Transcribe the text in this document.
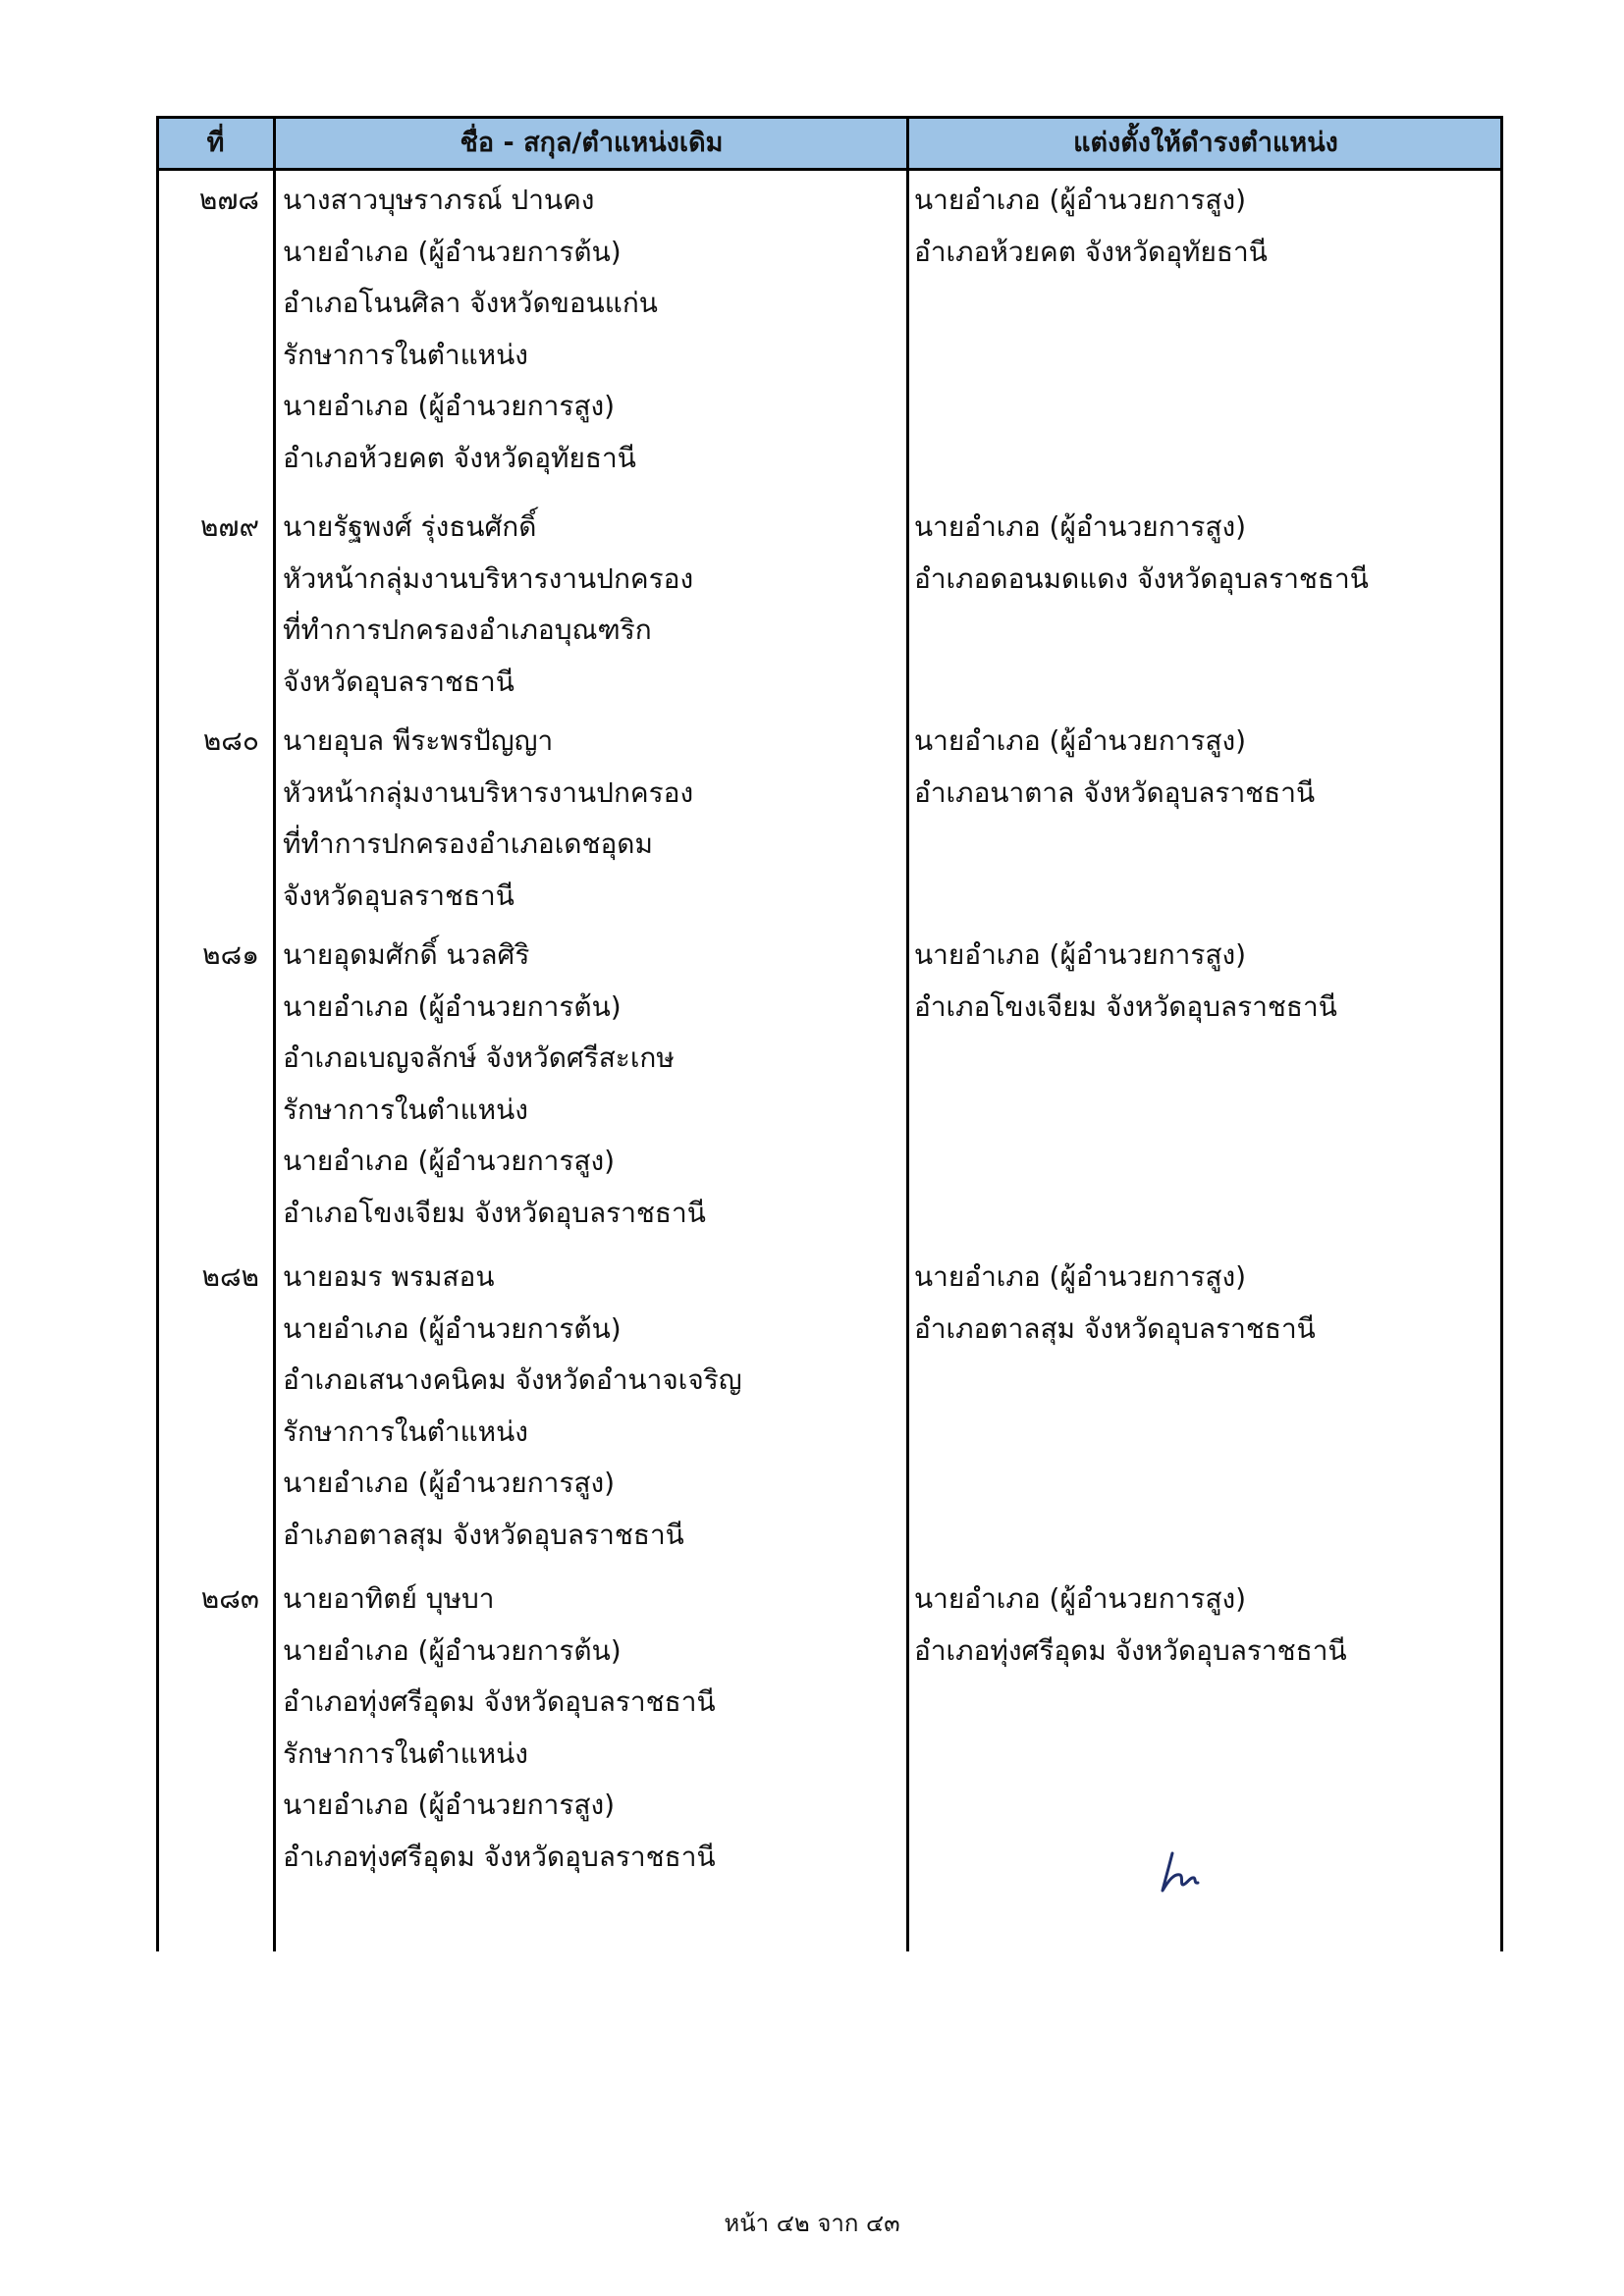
ที่	ชื่อ - สกุล/ตำแหน่งเดิม	แต่งตั้งให้ดำรงตำแหน่ง
๒๗๘ นางสาวบุษราภรณ์ ปานคง
นายอำเภอ (ผู้อำนวยการต้น)
อำเภอโนนศิลา จังหวัดขอนแก่น
รักษาการในตำแหน่ง
นายอำเภอ (ผู้อำนวยการสูง)
อำเภอห้วยคต จังหวัดอุทัยธานี
นายอำเภอ (ผู้อำนวยการสูง)
อำเภอห้วยคต จังหวัดอุทัยธานี
๒๗๙ นายรัฐพงศ์ รุ่งธนศักดิ์
หัวหน้ากลุ่มงานบริหารงานปกครอง
ที่ทำการปกครองอำเภอบุณฑริก
จังหวัดอุบลราชธานี
นายอำเภอ (ผู้อำนวยการสูง)
อำเภอดอนมดแดง จังหวัดอุบลราชธานี
๒๘๐ นายอุบล พีระพรปัญญา
หัวหน้ากลุ่มงานบริหารงานปกครอง
ที่ทำการปกครองอำเภอเดชอุดม
จังหวัดอุบลราชธานี
นายอำเภอ (ผู้อำนวยการสูง)
อำเภอนาตาล จังหวัดอุบลราชธานี
๒๘๑ นายอุดมศักดิ์ นวลศิริ
นายอำเภอ (ผู้อำนวยการต้น)
อำเภอเบญจลักษ์ จังหวัดศรีสะเกษ
รักษาการในตำแหน่ง
นายอำเภอ (ผู้อำนวยการสูง)
อำเภอโขงเจียม จังหวัดอุบลราชธานี
นายอำเภอ (ผู้อำนวยการสูง)
อำเภอโขงเจียม จังหวัดอุบลราชธานี
๒๘๒ นายอมร พรมสอน
นายอำเภอ (ผู้อำนวยการต้น)
อำเภอเสนางคนิคม จังหวัดอำนาจเจริญ
รักษาการในตำแหน่ง
นายอำเภอ (ผู้อำนวยการสูง)
อำเภอตาลสุม จังหวัดอุบลราชธานี
นายอำเภอ (ผู้อำนวยการสูง)
อำเภอตาลสุม จังหวัดอุบลราชธานี
๒๘๓ นายอาทิตย์ บุษบา
นายอำเภอ (ผู้อำนวยการต้น)
อำเภอทุ่งศรีอุดม จังหวัดอุบลราชธานี
รักษาการในตำแหน่ง
นายอำเภอ (ผู้อำนวยการสูง)
อำเภอทุ่งศรีอุดม จังหวัดอุบลราชธานี
นายอำเภอ (ผู้อำนวยการสูง)
อำเภอทุ่งศรีอุดม จังหวัดอุบลราชธานี
หน้า ๔๒ จาก ๔๓
